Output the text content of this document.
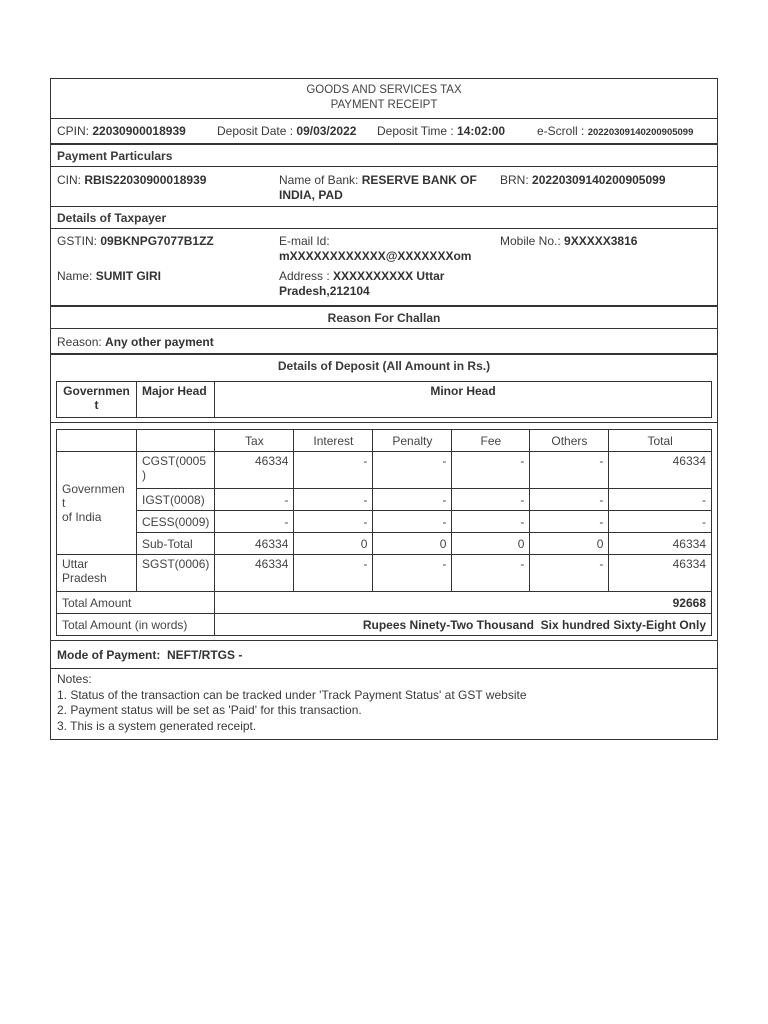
GOODS AND SERVICES TAX
PAYMENT RECEIPT
CPIN: 22030900018939	Deposit Date : 09/03/2022 Deposit Time : 14:02:00	e-Scroll : 20220309140200905099
Payment Particulars
CIN: RBIS22030900018939	Name of Bank: RESERVE BANK OF
INDIA, PAD
BRN: 20220309140200905099
Details of Taxpayer
GSTIN: 09BKNPG7077B1ZZ	E-mail Id:
mXXXXXXXXXXXX@XXXXXXXom
Mobile No.: 9XXXXX3816
Name: SUMIT GIRI	Address : XXXXXXXXXX Uttar
Pradesh,212104
Reason For Challan
Reason: Any other payment
Details of Deposit (All Amount in Rs.)
Governmen
t	Major Head	Minor Head
		Tax	Interest	Penalty	Fee	Others	Total
Governmen
t
of India	CGST(0005
)	46334	-	-	-	-	46334
	IGST(0008)	-	-	-	-	-	-
	CESS(0009)	-	-	-	-	-	-
	Sub-Total	46334	0	0	0	0	46334
Uttar
Pradesh	SGST(0006)	46334	-	-	-	-	46334
Total Amount		92668					
Total Amount (in words)		Rupees Ninety-Two Thousand  Six hundred Sixty-Eight Only					
Mode of Payment: NEFT/RTGS -
Notes:
1. Status of the transaction can be tracked under 'Track Payment Status' at GST website
2. Payment status will be set as 'Paid' for this transaction.
3. This is a system generated receipt.
